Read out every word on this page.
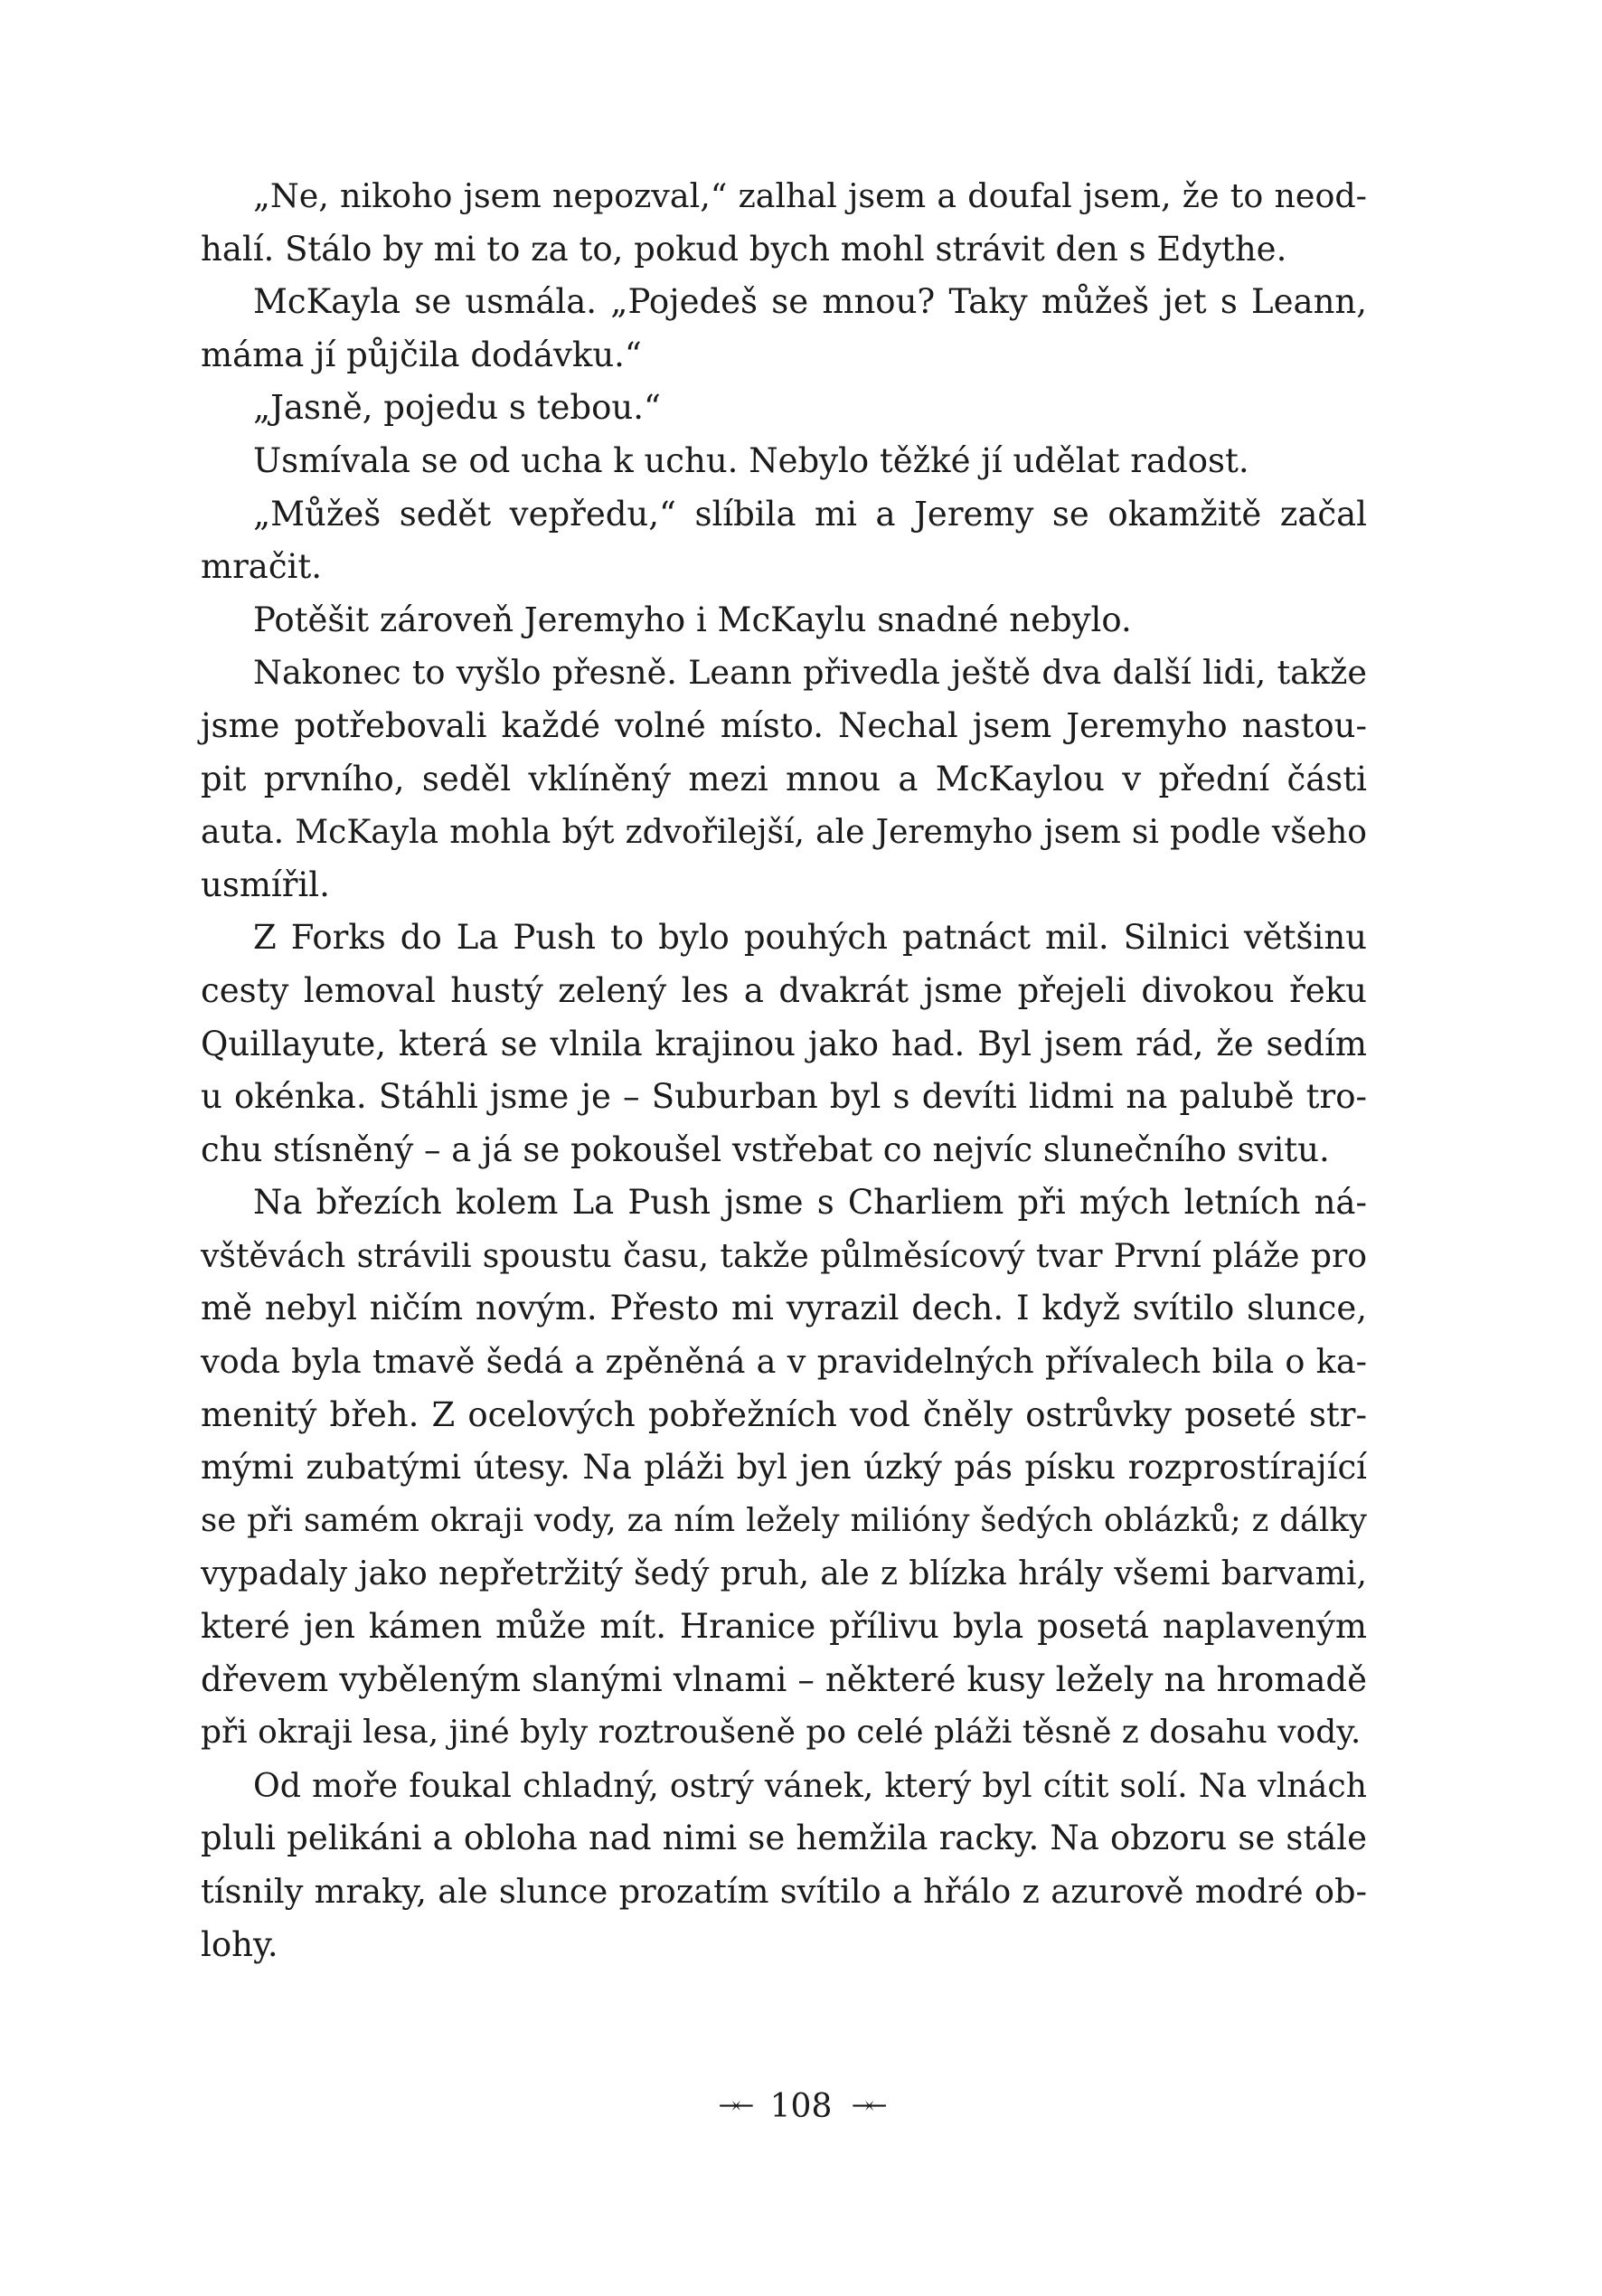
„Ne, nikoho jsem nepozval,“ zalhal jsem a doufal jsem, že to neod-
halí. Stálo by mi to za to, pokud bych mohl strávit den s Edythe.
McKayla se usmála. „Pojedeš se mnou? Taky můžeš jet s Leann,
máma jí půjčila dodávku.“
„Jasně, pojedu s tebou.“
Usmívala se od ucha k uchu. Nebylo těžké jí udělat radost.
„Můžeš sedět vepředu,“ slíbila mi a Jeremy se okamžitě začal
mračit.
Potěšit zároveň Jeremyho i McKaylu snadné nebylo.
Nakonec to vyšlo přesně. Leann přivedla ještě dva další lidi, takže
jsme potřebovali každé volné místo. Nechal jsem Jeremyho nastou-
pit prvního, seděl vklíněný mezi mnou a McKaylou v přední části
auta. McKayla mohla být zdvořilejší, ale Jeremyho jsem si podle všeho
usmířil.
Z Forks do La Push to bylo pouhých patnáct mil. Silnici většinu
cesty lemoval hustý zelený les a dvakrát jsme přejeli divokou řeku
Quillayute, která se vlnila krajinou jako had. Byl jsem rád, že sedím
u okénka. Stáhli jsme je – Suburban byl s devíti lidmi na palubě tro-
chu stísněný – a já se pokoušel vstřebat co nejvíc slunečního svitu.
Na březích kolem La Push jsme s Charliem při mých letních ná-
vštěvách strávili spoustu času, takže půlměsícový tvar První pláže pro
mě nebyl ničím novým. Přesto mi vyrazil dech. I když svítilo slunce,
voda byla tmavě šedá a zpěněná a v pravidelných přívalech bila o ka-
menitý břeh. Z ocelových pobřežních vod čněly ostrůvky poseté str-
mými zubatými útesy. Na pláži byl jen úzký pás písku rozprostírající
se při samém okraji vody, za ním ležely milióny šedých oblázků; z dálky
vypadaly jako nepřetržitý šedý pruh, ale z blízka hrály všemi barvami,
které jen kámen může mít. Hranice přílivu byla posetá naplaveným
dřevem vyběleným slanými vlnami – některé kusy ležely na hromadě
při okraji lesa, jiné byly roztroušeně po celé pláži těsně z dosahu vody.
Od moře foukal chladný, ostrý vánek, který byl cítit solí. Na vlnách
pluli pelikáni a obloha nad nimi se hemžila racky. Na obzoru se stále
tísnily mraky, ale slunce prozatím svítilo a hřálo z azurově modré ob-
lohy.
→← 108 →←
